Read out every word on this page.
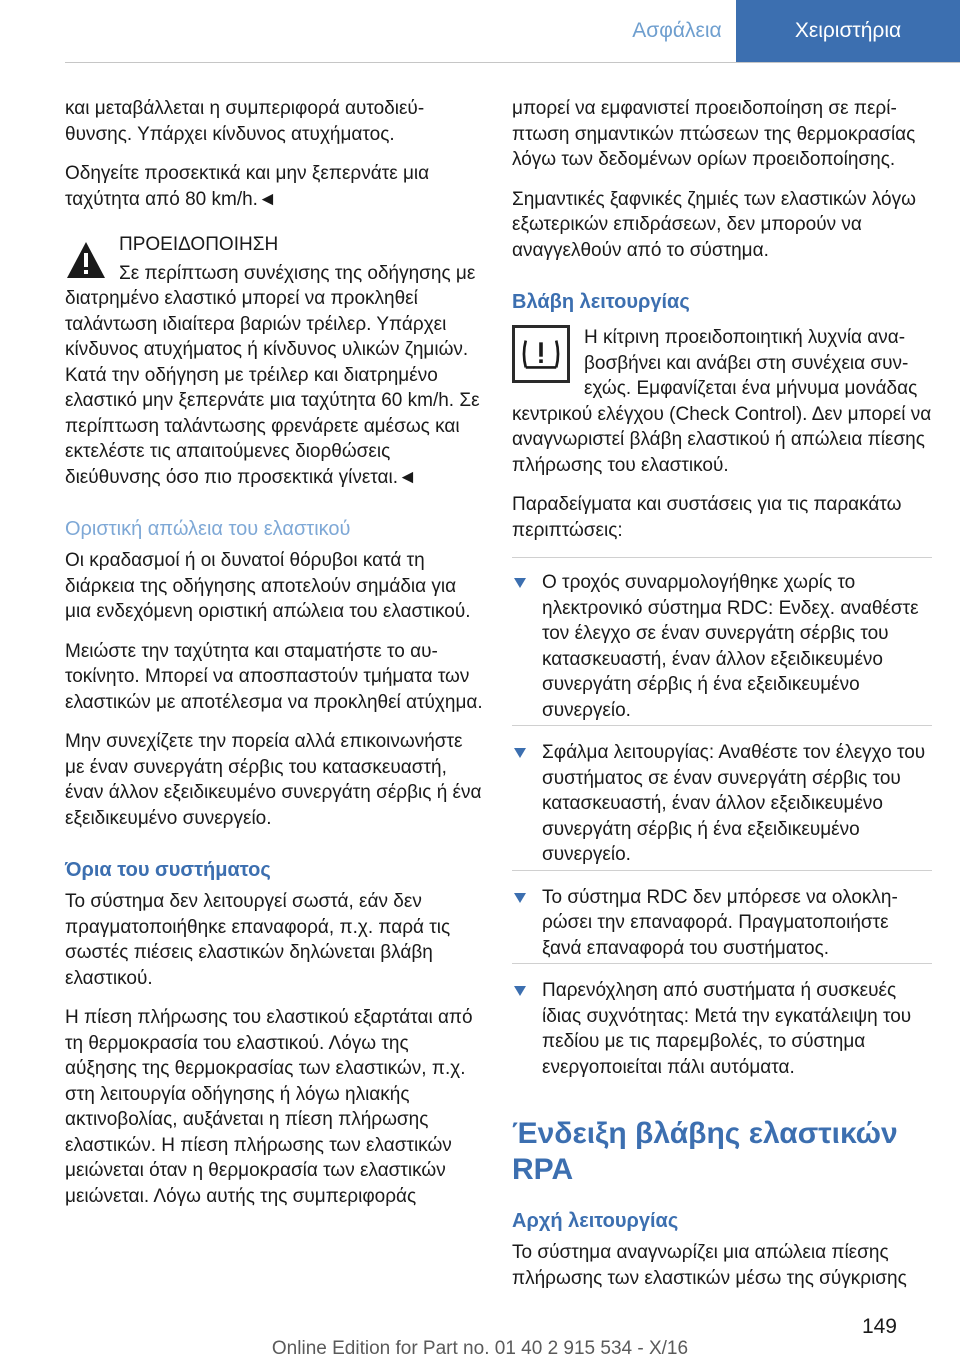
Ασφάλεια	Χειριστήρια

και μεταβάλλεται η συμπεριφορά αυτοδιεύθυνσης. Υπάρχει κίνδυνος ατυχήματος.

Οδηγείτε προσεκτικά και μην ξεπερνάτε μια ταχύτητα από 80 km/h.◄

ΠΡΟΕΙΔΟΠΟΙΗΣΗ

Σε περίπτωση συνέχισης της οδήγησης με διατρημένο ελαστικό μπορεί να προκληθεί ταλάντωση ιδιαίτερα βαριών τρέιλερ. Υπάρχει κίνδυνος ατυχήματος ή κίνδυνος υλικών ζημιών. Κατά την οδήγηση με τρέιλερ και διατρημένο ελαστικό μην ξεπερνάτε μια ταχύτητα 60 km/h. Σε περίπτωση ταλάντωσης φρενάρετε αμέσως και εκτελέστε τις απαιτούμενες διορθώσεις διεύθυνσης όσο πιο προσεκτικά γίνεται.◄

Οριστική απώλεια του ελαστικού

Οι κραδασμοί ή οι δυνατοί θόρυβοι κατά τη διάρκεια της οδήγησης αποτελούν σημάδια για μια ενδεχόμενη οριστική απώλεια του ελαστικού.

Μειώστε την ταχύτητα και σταματήστε το αυτοκίνητο. Μπορεί να αποσπαστούν τμήματα των ελαστικών με αποτέλεσμα να προκληθεί ατύχημα.

Μην συνεχίζετε την πορεία αλλά επικοινωνήστε με έναν συνεργάτη σέρβις του κατασκευαστή, έναν άλλον εξειδικευμένο συνεργάτη σέρβις ή ένα εξειδικευμένο συνεργείο.

Όρια του συστήματος

Το σύστημα δεν λειτουργεί σωστά, εάν δεν πραγματοποιήθηκε επαναφορά, π.χ. παρά τις σωστές πιέσεις ελαστικών δηλώνεται βλάβη ελαστικού.

Η πίεση πλήρωσης του ελαστικού εξαρτάται από τη θερμοκρασία του ελαστικού. Λόγω της αύξησης της θερμοκρασίας των ελαστικών, π.χ. στη λειτουργία οδήγησης ή λόγω ηλιακής ακτινοβολίας, αυξάνεται η πίεση πλήρωσης ελαστικών. Η πίεση πλήρωσης των ελαστικών μειώνεται όταν η θερμοκρασία των ελαστικών μειώνεται. Λόγω αυτής της συμπεριφοράς

μπορεί να εμφανιστεί προειδοποίηση σε περίπτωση σημαντικών πτώσεων της θερμοκρασίας λόγω των δεδομένων ορίων προειδοποίησης.

Σημαντικές ξαφνικές ζημιές των ελαστικών λόγω εξωτερικών επιδράσεων, δεν μπορούν να αναγγελθούν από το σύστημα.

Βλάβη λειτουργίας

Η κίτρινη προειδοποιητική λυχνία αναβοσβήνει και ανάβει στη συνέχεια συνεχώς. Εμφανίζεται ένα μήνυμα μονάδας κεντρικού ελέγχου (Check Control). Δεν μπορεί να αναγνωριστεί βλάβη ελαστικού ή απώλεια πίεσης πλήρωσης του ελαστικού.

Παραδείγματα και συστάσεις για τις παρακάτω περιπτώσεις:

Ο τροχός συναρμολογήθηκε χωρίς το ηλεκτρονικό σύστημα RDC: Ενδεχ. αναθέστε τον έλεγχο σε έναν συνεργάτη σέρβις του κατασκευαστή, έναν άλλον εξειδικευμένο συνεργάτη σέρβις ή ένα εξειδικευμένο συνεργείο.
Σφάλμα λειτουργίας: Αναθέστε τον έλεγχο του συστήματος σε έναν συνεργάτη σέρβις του κατασκευαστή, έναν άλλον εξειδικευμένο συνεργάτη σέρβις ή ένα εξειδικευμένο συνεργείο.
Το σύστημα RDC δεν μπόρεσε να ολοκληρώσει την επαναφορά. Πραγματοποιήστε ξανά επαναφορά του συστήματος.
Παρενόχληση από συστήματα ή συσκευές ίδιας συχνότητας: Μετά την εγκατάλειψη του πεδίου με τις παρεμβολές, το σύστημα ενεργοποιείται πάλι αυτόματα.
Ένδειξη βλάβης ελαστικών RPA
Αρχή λειτουργίας

Το σύστημα αναγνωρίζει μια απώλεια πίεσης πλήρωσης των ελαστικών μέσω της σύγκρισης

149
Online Edition for Part no. 01 40 2 915 534 - X/16
